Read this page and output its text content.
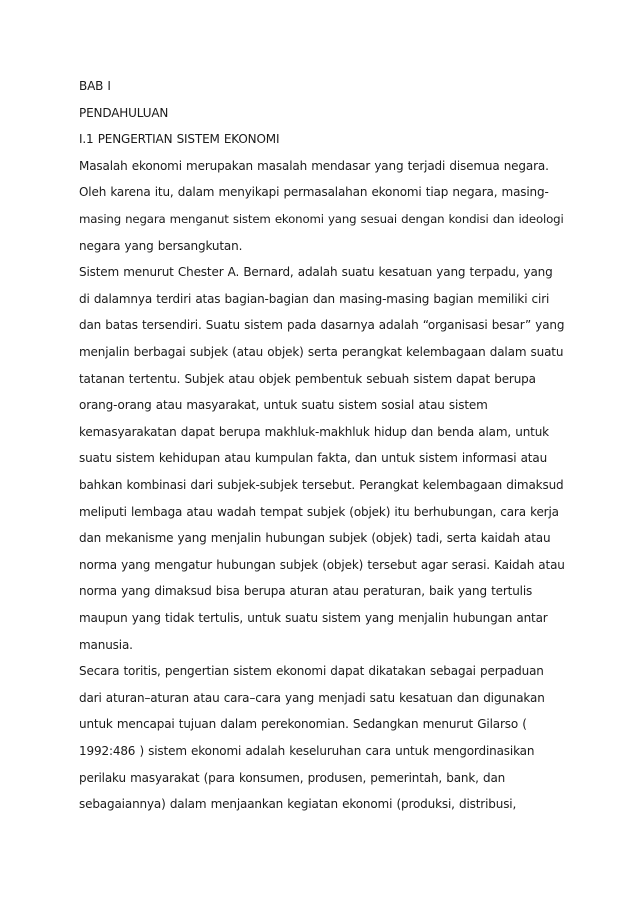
BAB I
PENDAHULUAN
I.1 PENGERTIAN SISTEM EKONOMI
Masalah ekonomi merupakan masalah mendasar yang terjadi disemua negara.
Oleh karena itu, dalam menyikapi permasalahan ekonomi tiap negara, masing-
masing negara menganut sistem ekonomi yang sesuai dengan kondisi dan ideologi
negara yang bersangkutan.
Sistem menurut Chester A. Bernard, adalah suatu kesatuan yang terpadu, yang
di dalamnya terdiri atas bagian-bagian dan masing-masing bagian memiliki ciri
dan batas tersendiri. Suatu sistem pada dasarnya adalah “organisasi besar” yang
menjalin berbagai subjek (atau objek) serta perangkat kelembagaan dalam suatu
tatanan tertentu. Subjek atau objek pembentuk sebuah sistem dapat berupa
orang-orang atau masyarakat, untuk suatu sistem sosial atau sistem
kemasyarakatan dapat berupa makhluk-makhluk hidup dan benda alam, untuk
suatu sistem kehidupan atau kumpulan fakta, dan untuk sistem informasi atau
bahkan kombinasi dari subjek-subjek tersebut. Perangkat kelembagaan dimaksud
meliputi lembaga atau wadah tempat subjek (objek) itu berhubungan, cara kerja
dan mekanisme yang menjalin hubungan subjek (objek) tadi, serta kaidah atau
norma yang mengatur hubungan subjek (objek) tersebut agar serasi. Kaidah atau
norma yang dimaksud bisa berupa aturan atau peraturan, baik yang tertulis
maupun yang tidak tertulis, untuk suatu sistem yang menjalin hubungan antar
manusia.
Secara toritis, pengertian sistem ekonomi dapat dikatakan sebagai perpaduan
dari aturan–aturan atau cara–cara yang menjadi satu kesatuan dan digunakan
untuk mencapai tujuan dalam perekonomian. Sedangkan menurut Gilarso (
1992:486 ) sistem ekonomi adalah keseluruhan cara untuk mengordinasikan
perilaku masyarakat (para konsumen, produsen, pemerintah, bank, dan
sebagaiannya) dalam menjaankan kegiatan ekonomi (produksi, distribusi,
